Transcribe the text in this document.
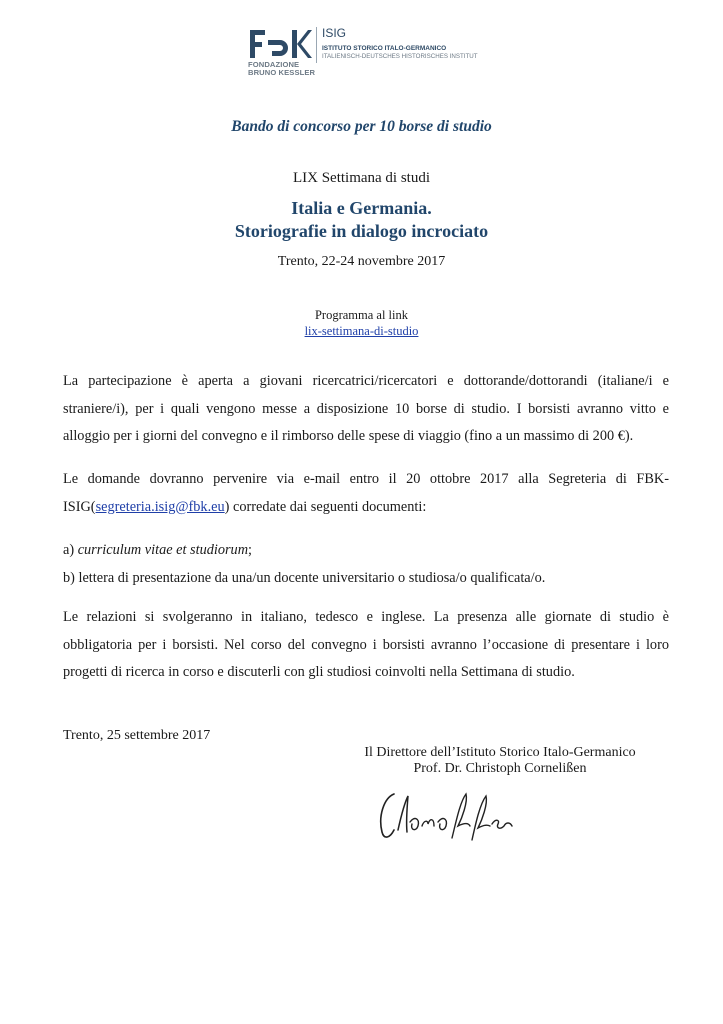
FONDAZIONE
BRUNO KESSLER
ISIG
ISTITUTO STORICO ITALO-GERMANICO
ITALIENISCH-DEUTSCHES HISTORISCHES INSTITUT
Bando di concorso per 10 borse di studio
LIX Settimana di studi
Italia e Germania.
Storiografie in dialogo incrociato
Trento, 22-24 novembre 2017
Programma al link
lix-settimana-di-studio
La partecipazione è aperta a giovani ricercatrici/ricercatori e dottorande/dottorandi (italiane/i e straniere/i), per i quali vengono messe a disposizione 10 borse di studio. I borsisti avranno vitto e alloggio per i giorni del convegno e il rimborso delle spese di viaggio (fino a un massimo di 200 €).
Le domande dovranno pervenire via e-mail entro il 20 ottobre 2017 alla Segreteria di FBK-ISIG(segreteria.isig@fbk.eu) corredate dai seguenti documenti:
a) curriculum vitae et studiorum;
b) lettera di presentazione da una/un docente universitario o studiosa/o qualificata/o.
Le relazioni si svolgeranno in italiano, tedesco e inglese. La presenza alle giornate di studio è obbligatoria per i borsisti. Nel corso del convegno i borsisti avranno l’occasione di presentare i loro progetti di ricerca in corso e discuterli con gli studiosi coinvolti nella Settimana di studio.
Trento, 25 settembre 2017
Il Direttore dell’Istituto Storico Italo-Germanico
Prof. Dr. Christoph Cornelißen
